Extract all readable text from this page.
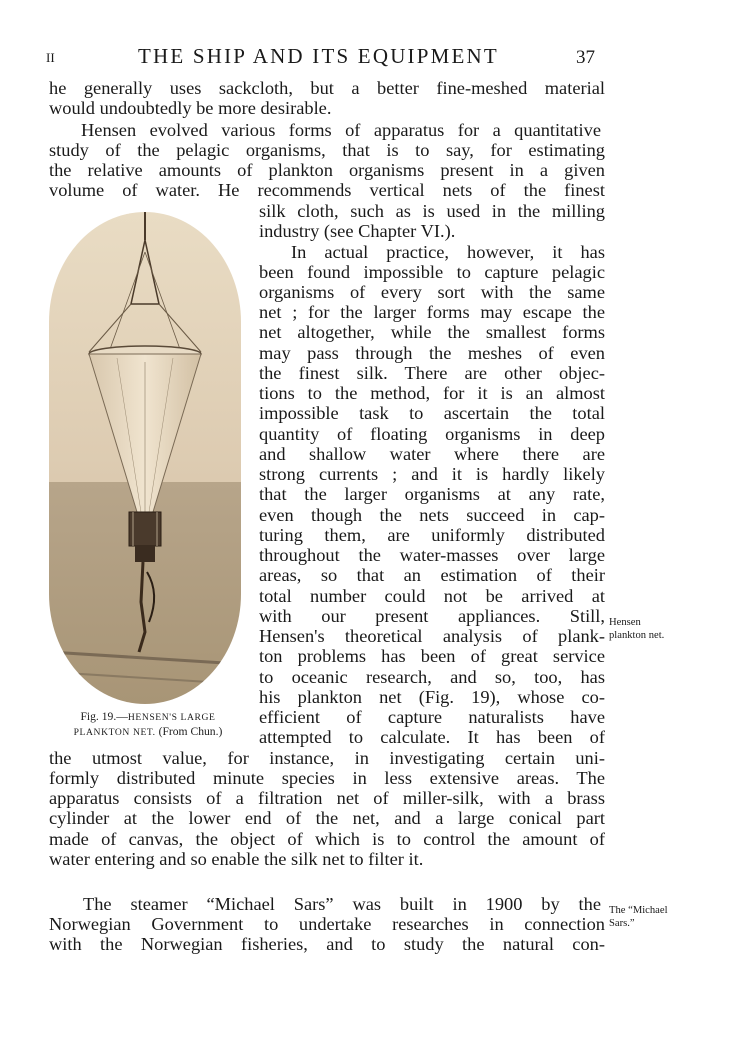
II	THE SHIP AND ITS EQUIPMENT	37

he generally uses sackcloth, but a better fine-meshed material

would undoubtedly be more desirable.

Hensen evolved various forms of apparatus for a quantitative

study of the pelagic organisms, that is to say, for estimating

the relative amounts of plankton organisms present in a given

volume of water. He recommends vertical nets of the finest

silk cloth, such as is used in the milling

industry (see Chapter VI.).

In actual practice, however, it has

been found impossible to capture pelagic

organisms of every sort with the same

net ; for the larger forms may escape the

net altogether, while the smallest forms

may pass through the meshes of even

the finest silk. There are other objec-

tions to the method, for it is an almost

impossible task to ascertain the total

quantity of floating organisms in deep

and shallow water where there are

strong currents ; and it is hardly likely

that the larger organisms at any rate,

even though the nets succeed in cap-

turing them, are uniformly distributed

throughout the water-masses over large

areas, so that an estimation of their

total number could not be arrived at

with our present appliances. Still,

Hensen's theoretical analysis of plank-

ton problems has been of great service

to oceanic research, and so, too, has

his plankton net (Fig. 19), whose co-

efficient of capture naturalists have

attempted to calculate. It has been of

the utmost value, for instance, in investigating certain uni-

formly distributed minute species in less extensive areas. The

apparatus consists of a filtration net of miller-silk, with a brass

cylinder at the lower end of the net, and a large conical part

made of canvas, the object of which is to control the amount of

water entering and so enable the silk net to filter it.

The steamer “Michael Sars” was built in 1900 by the

Norwegian Government to undertake researches in connection

with the Norwegian fisheries, and to study the natural con-

Fig. 19.—HENSEN'S LARGE
PLANKTON NET. (From Chun.)
Hensen
plankton net.
The “Michael
Sars.”
